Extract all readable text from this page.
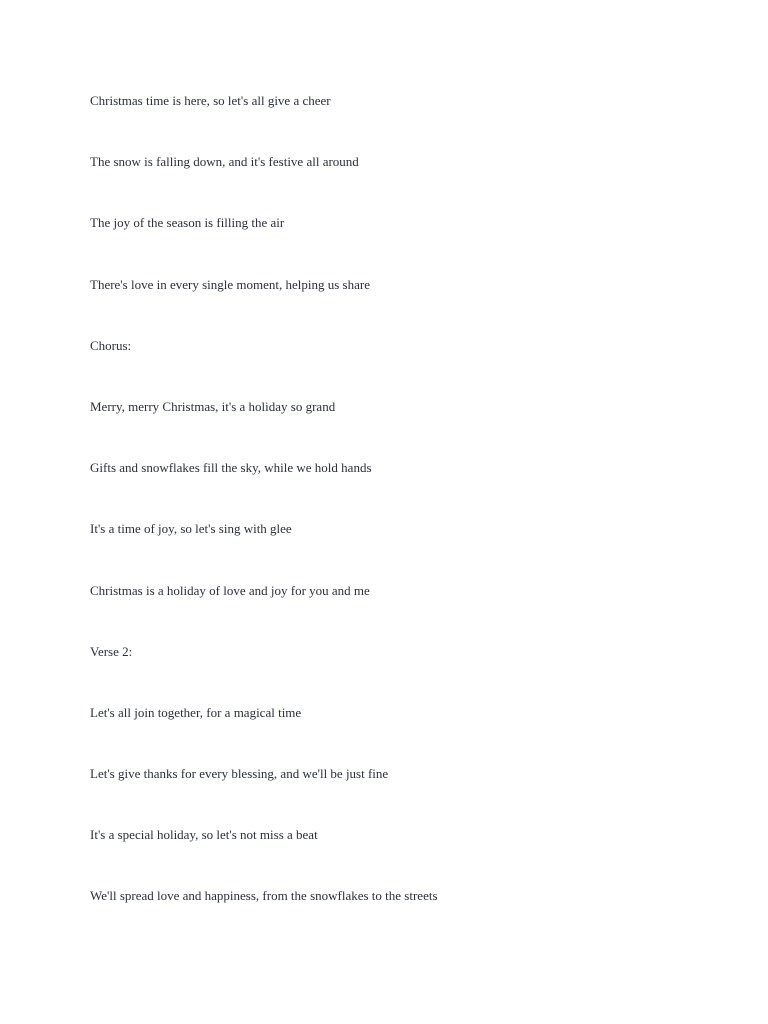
Christmas time is here, so let's all give a cheer
The snow is falling down, and it's festive all around
The joy of the season is filling the air
There's love in every single moment, helping us share
Chorus:
Merry, merry Christmas, it's a holiday so grand
Gifts and snowflakes fill the sky, while we hold hands
It's a time of joy, so let's sing with glee
Christmas is a holiday of love and joy for you and me
Verse 2:
Let's all join together, for a magical time
Let's give thanks for every blessing, and we'll be just fine
It's a special holiday, so let's not miss a beat
We'll spread love and happiness, from the snowflakes to the streets
